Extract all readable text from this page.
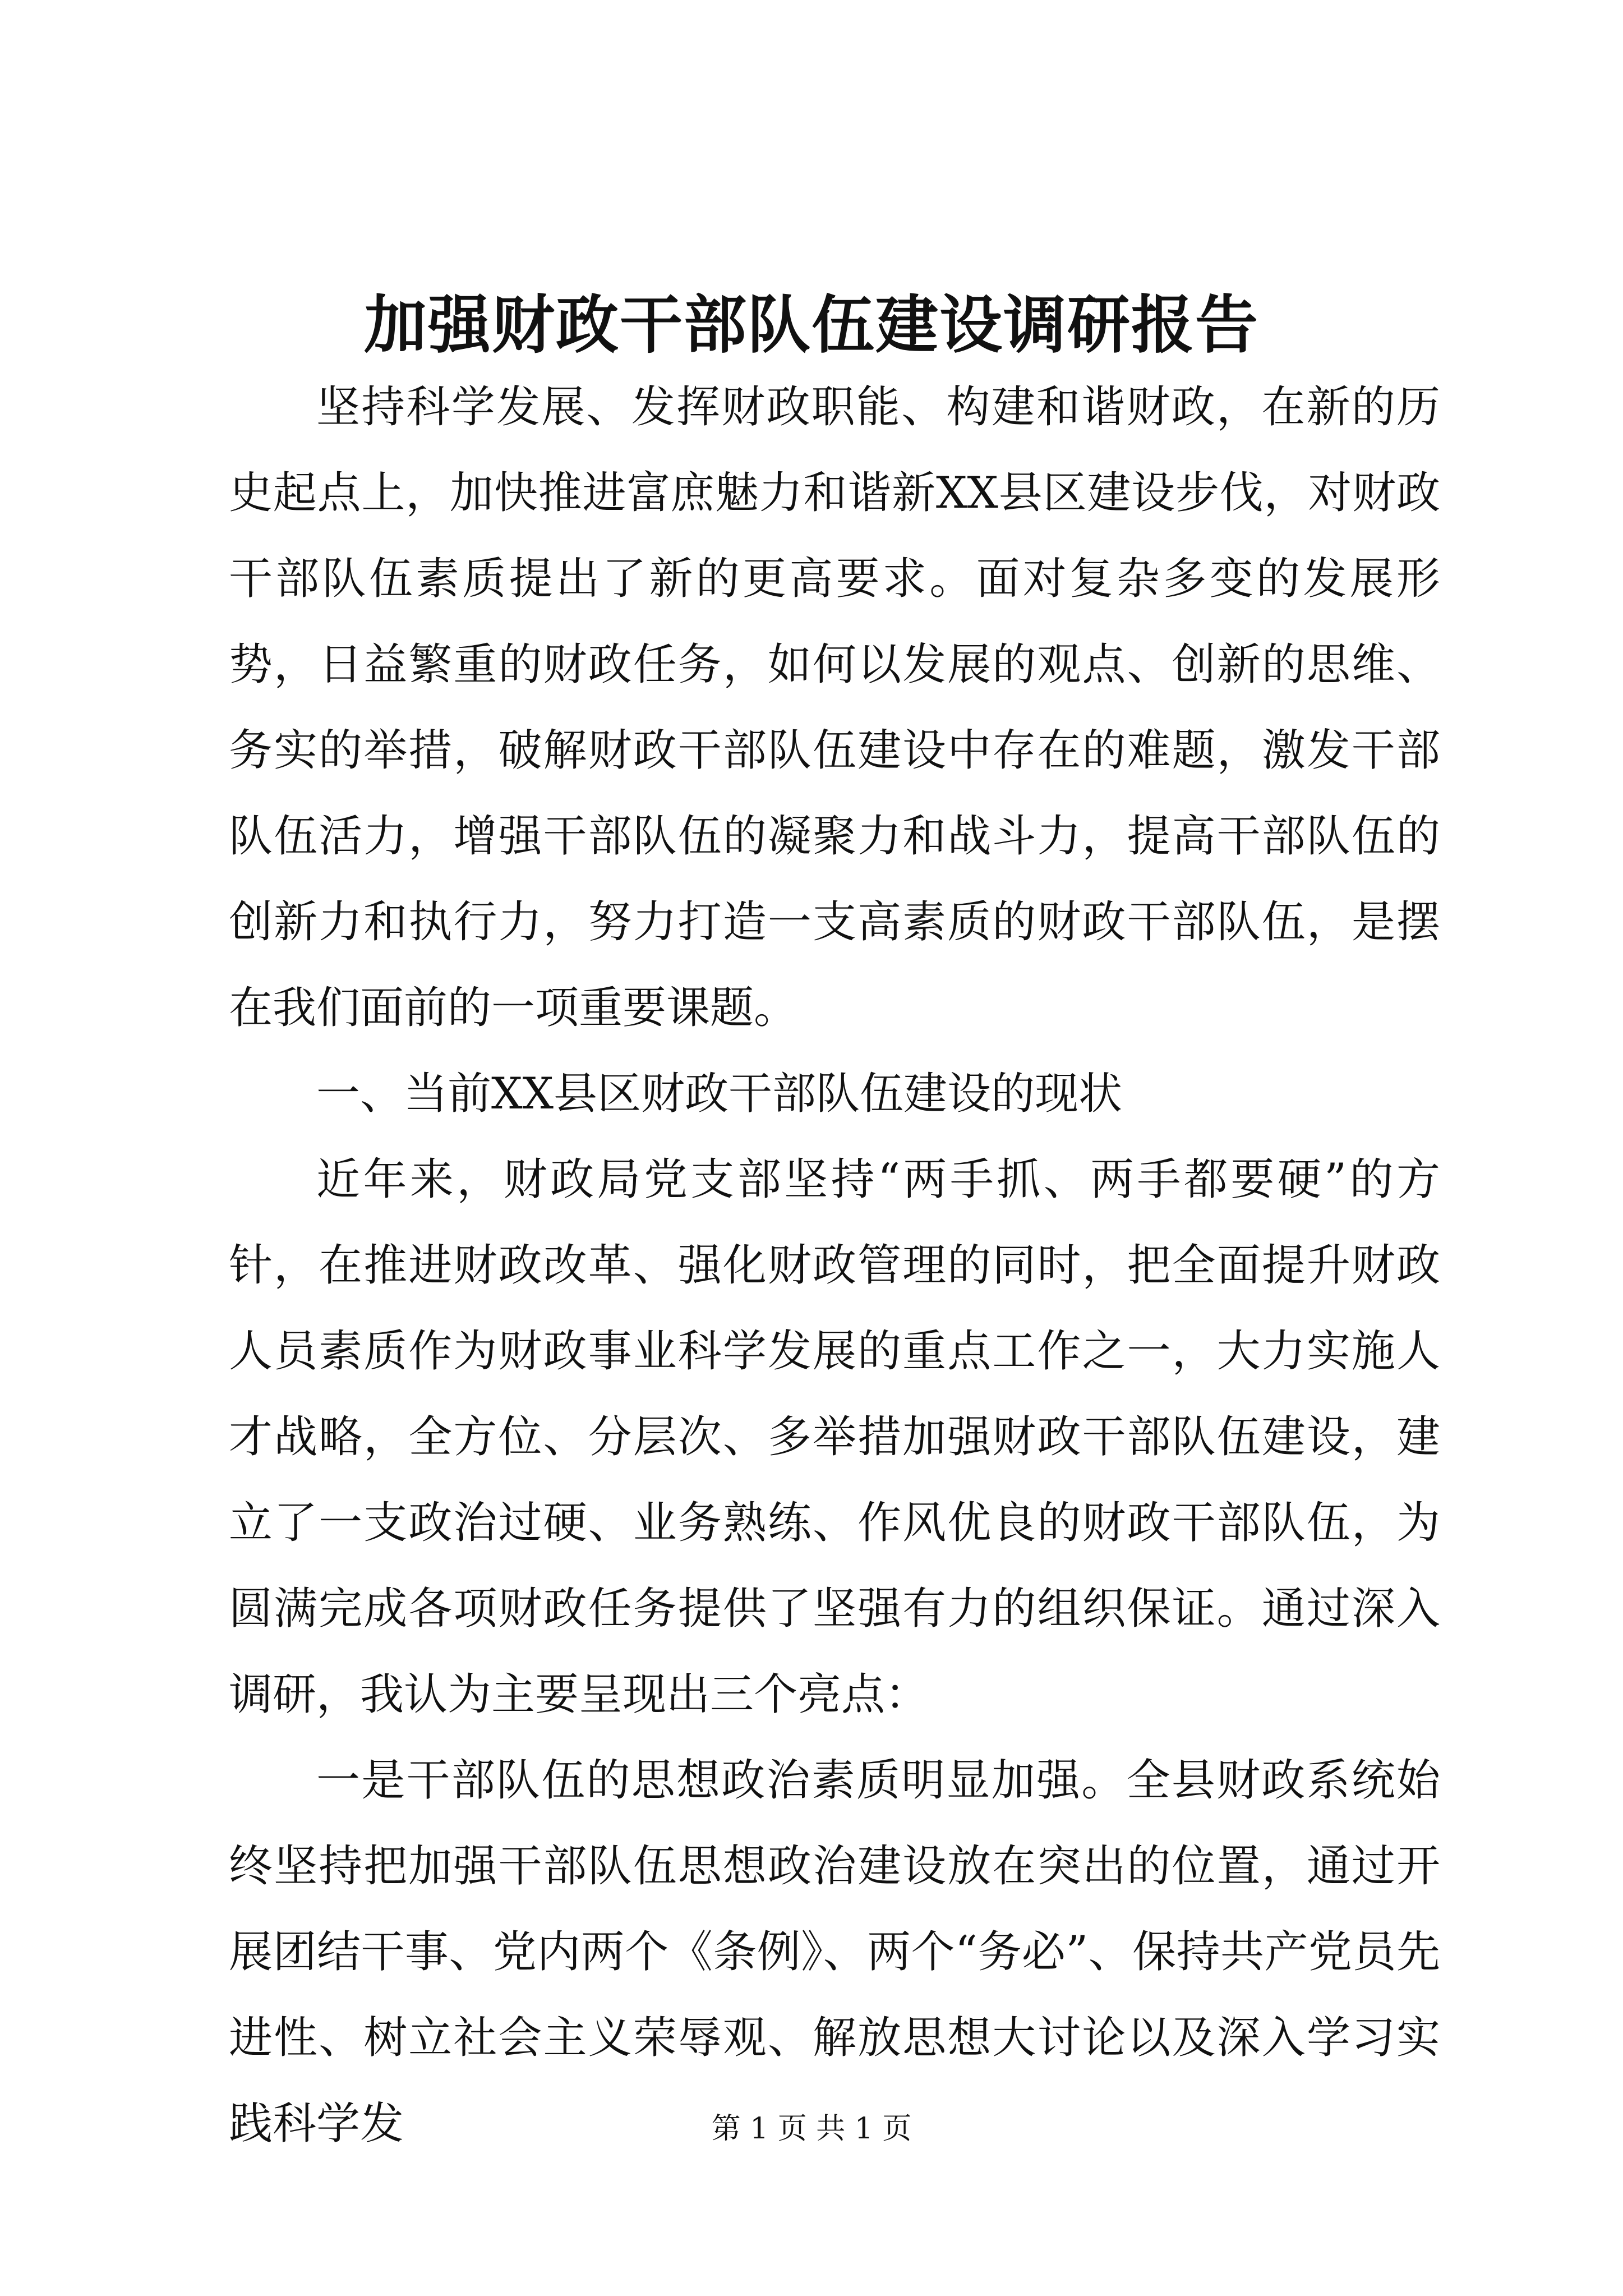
加强财政干部队伍建设调研报告

坚持科学发展、发挥财政职能、构建和谐财政，在新的历史起点上，加快推进富庶魅力和谐新XX县区建设步伐，对财政干部队伍素质提出了新的更高要求。面对复杂多变的发展形势，日益繁重的财政任务，如何以发展的观点、创新的思维、务实的举措，破解财政干部队伍建设中存在的难题，激发干部队伍活力，增强干部队伍的凝聚力和战斗力，提高干部队伍的创新力和执行力，努力打造一支高素质的财政干部队伍，是摆在我们面前的一项重要课题。

一、当前XX县区财政干部队伍建设的现状

近年来，财政局党支部坚持“两手抓、两手都要硬”的方针，在推进财政改革、强化财政管理的同时，把全面提升财政人员素质作为财政事业科学发展的重点工作之一，大力实施人才战略，全方位、分层次、多举措加强财政干部队伍建设，建立了一支政治过硬、业务熟练、作风优良的财政干部队伍，为圆满完成各项财政任务提供了坚强有力的组织保证。通过深入调研，我认为主要呈现出三个亮点：

一是干部队伍的思想政治素质明显加强。全县财政系统始终坚持把加强干部队伍思想政治建设放在突出的位置，通过开展团结干事、党内两个《条例》、两个“务必”、保持共产党员先进性、树立社会主义荣辱观、解放思想大讨论以及深入学习实践科学发	第 1 页 共 1 页
